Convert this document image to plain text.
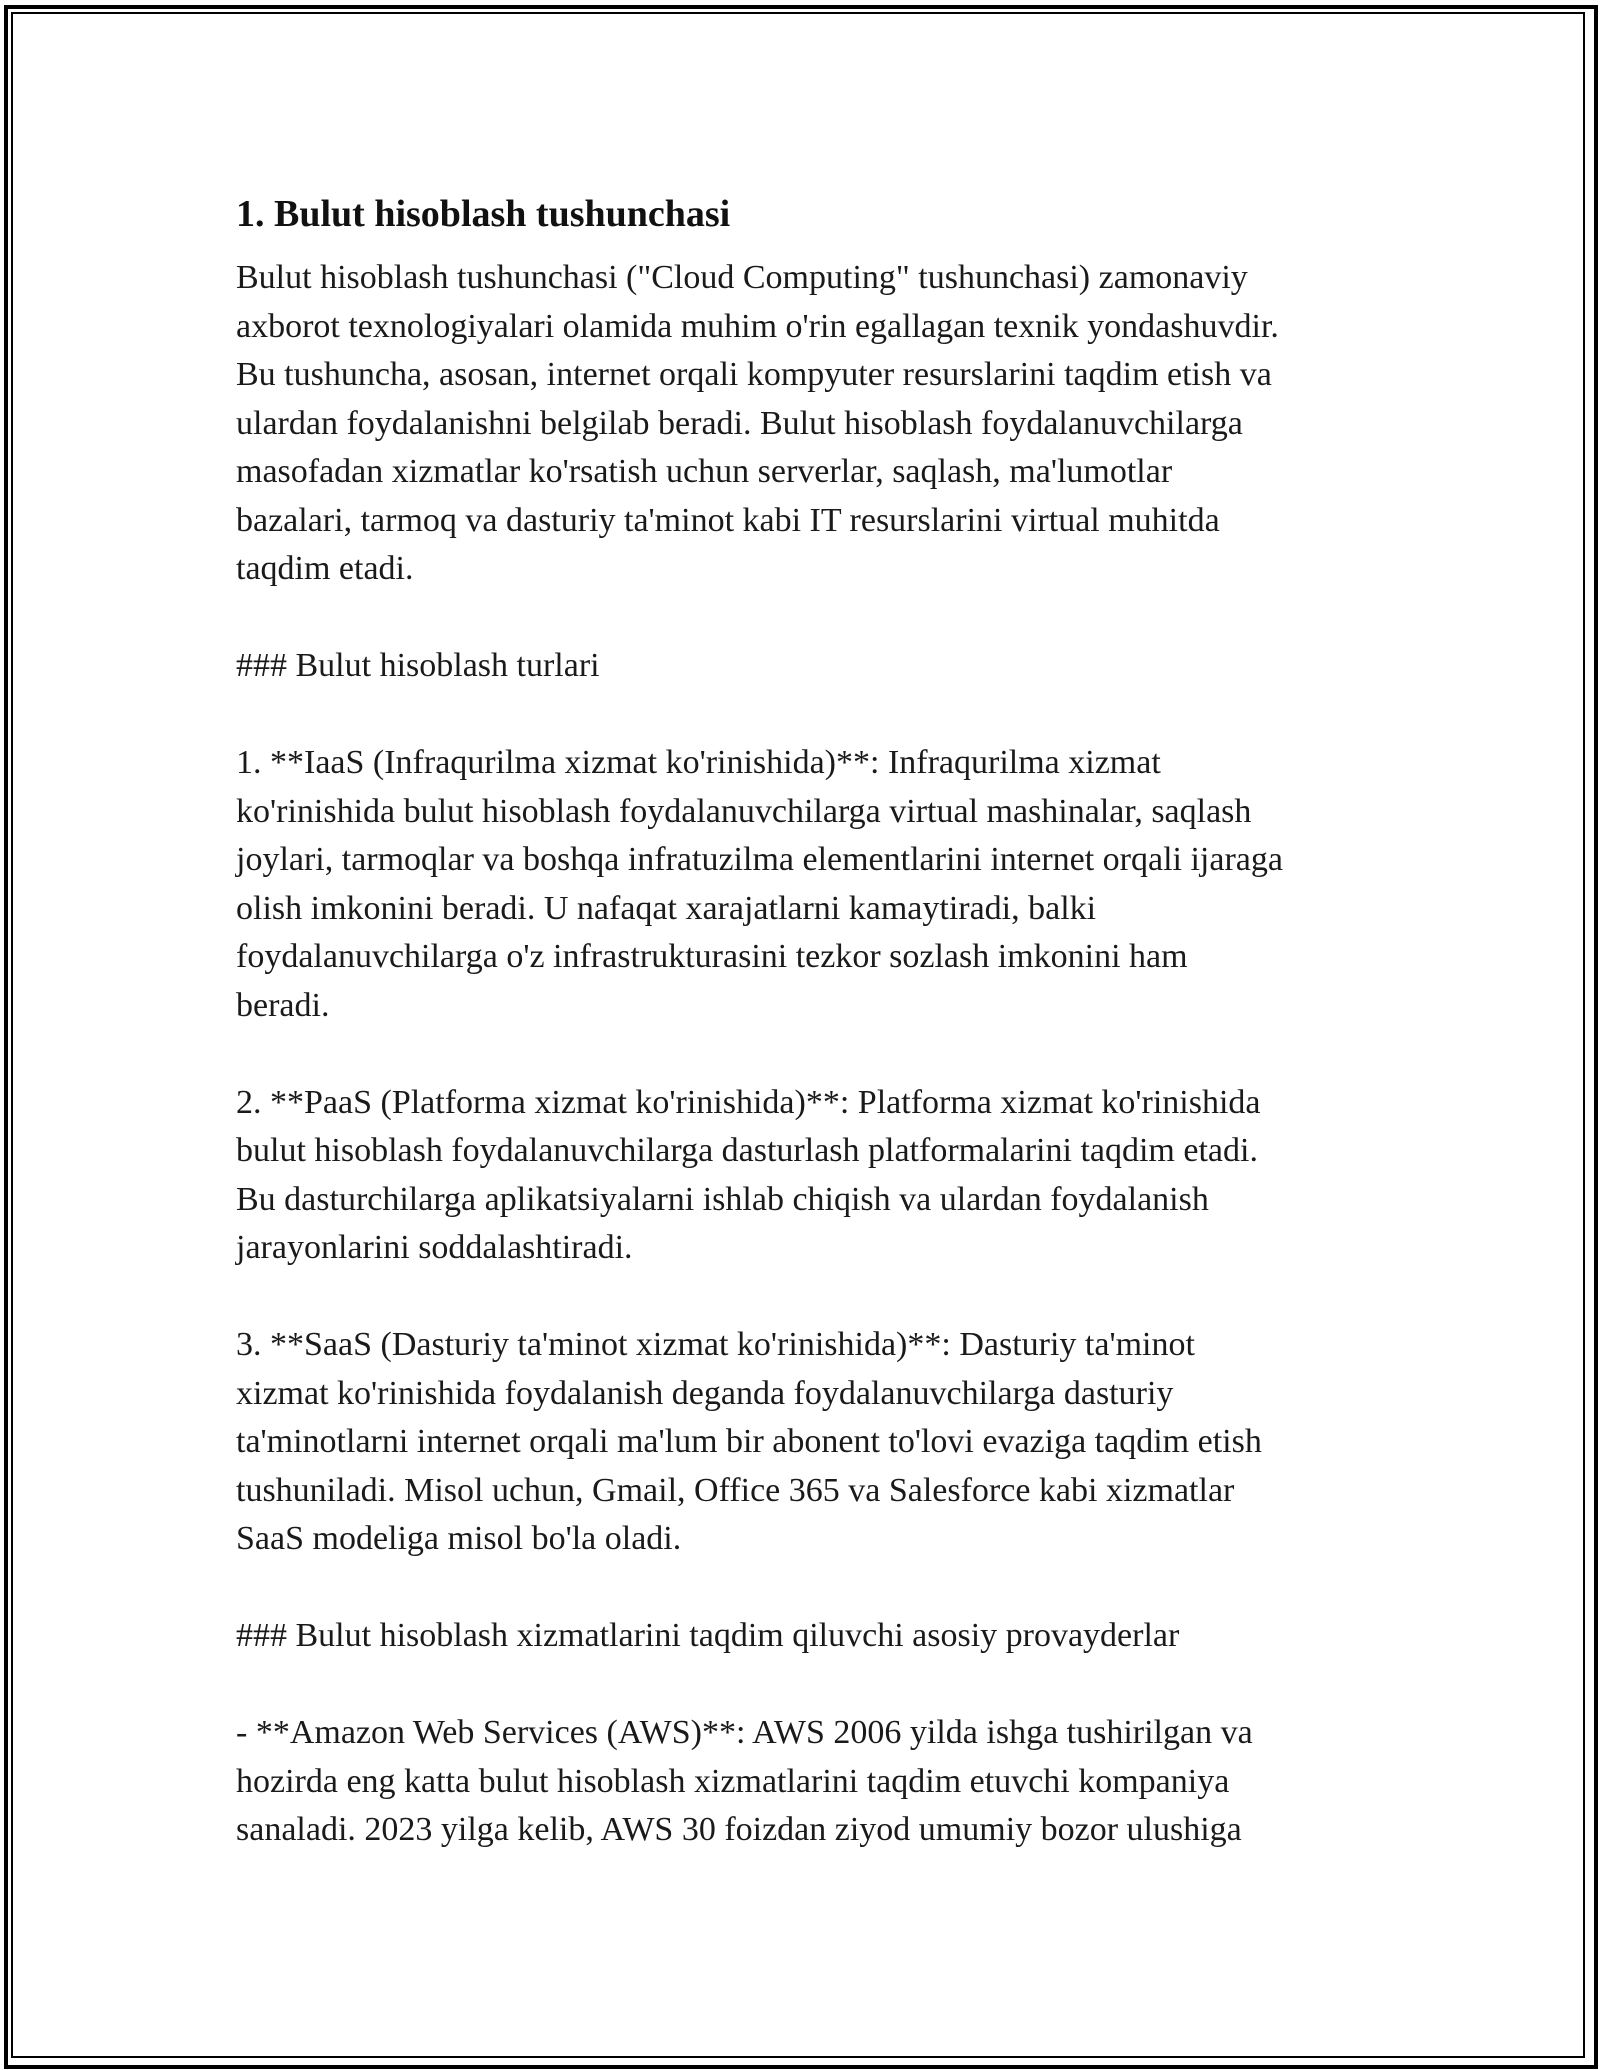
1. Bulut hisoblash tushunchasi

Bulut hisoblash tushunchasi ("Cloud Computing" tushunchasi) zamonaviy
axborot texnologiyalari olamida muhim o'rin egallagan texnik yondashuvdir.
Bu tushuncha, asosan, internet orqali kompyuter resurslarini taqdim etish va
ulardan foydalanishni belgilab beradi. Bulut hisoblash foydalanuvchilarga
masofadan xizmatlar ko'rsatish uchun serverlar, saqlash, ma'lumotlar
bazalari, tarmoq va dasturiy ta'minot kabi IT resurslarini virtual muhitda
taqdim etadi.

### Bulut hisoblash turlari

1. **IaaS (Infraqurilma xizmat ko'rinishida)**: Infraqurilma xizmat
ko'rinishida bulut hisoblash foydalanuvchilarga virtual mashinalar, saqlash
joylari, tarmoqlar va boshqa infratuzilma elementlarini internet orqali ijaraga
olish imkonini beradi. U nafaqat xarajatlarni kamaytiradi, balki
foydalanuvchilarga o'z infrastrukturasini tezkor sozlash imkonini ham
beradi.

2. **PaaS (Platforma xizmat ko'rinishida)**: Platforma xizmat ko'rinishida
bulut hisoblash foydalanuvchilarga dasturlash platformalarini taqdim etadi.
Bu dasturchilarga aplikatsiyalarni ishlab chiqish va ulardan foydalanish
jarayonlarini soddalashtiradi.

3. **SaaS (Dasturiy ta'minot xizmat ko'rinishida)**: Dasturiy ta'minot
xizmat ko'rinishida foydalanish deganda foydalanuvchilarga dasturiy
ta'minotlarni internet orqali ma'lum bir abonent to'lovi evaziga taqdim etish
tushuniladi. Misol uchun, Gmail, Office 365 va Salesforce kabi xizmatlar
SaaS modeliga misol bo'la oladi.

### Bulut hisoblash xizmatlarini taqdim qiluvchi asosiy provayderlar

- **Amazon Web Services (AWS)**: AWS 2006 yilda ishga tushirilgan va
hozirda eng katta bulut hisoblash xizmatlarini taqdim etuvchi kompaniya
sanaladi. 2023 yilga kelib, AWS 30 foizdan ziyod umumiy bozor ulushiga
